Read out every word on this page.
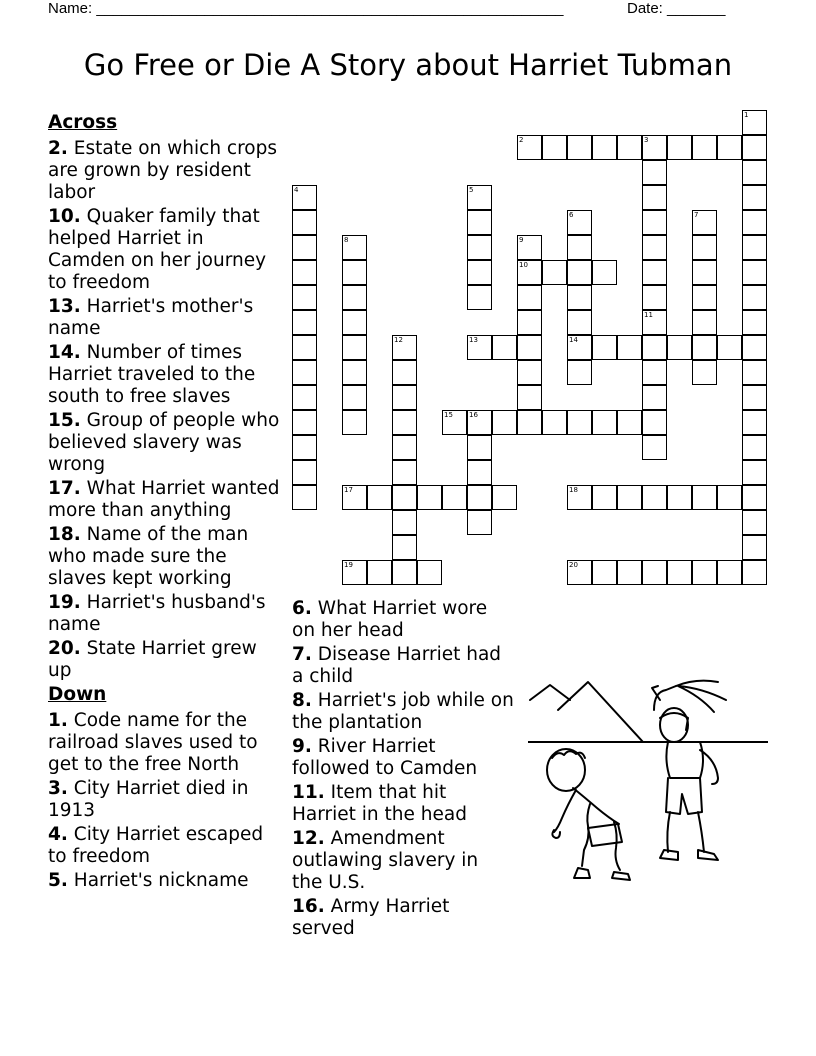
Name: ________________________________________________________	Date: _______
Go Free or Die A Story about Harriet Tubman
Across
2. Estate on which crops are grown by resident labor
10. Quaker family that helped Harriet in Camden on her journey to freedom
13. Harriet's mother's name
14. Number of times Harriet traveled to the south to free slaves
15. Group of people who believed slavery was wrong
17. What Harriet wanted more than anything
18. Name of the man who made sure the slaves kept working
19. Harriet's husband's name
20. State Harriet grew up
Down
1. Code name for the railroad slaves used to get to the free North
3. City Harriet died in 1913
4. City Harriet escaped to freedom
5. Harriet's nickname
6. What Harriet wore on her head
7. Disease Harriet had a child
8. Harriet's job while on the plantation
9. River Harriet followed to Camden
11. Item that hit Harriet in the head
12. Amendment outlawing slavery in the U.S.
16. Army Harriet served
1
2	3
4	5
6
14
7
8	9
10
11
12	13
15 16
17	18
19	20
